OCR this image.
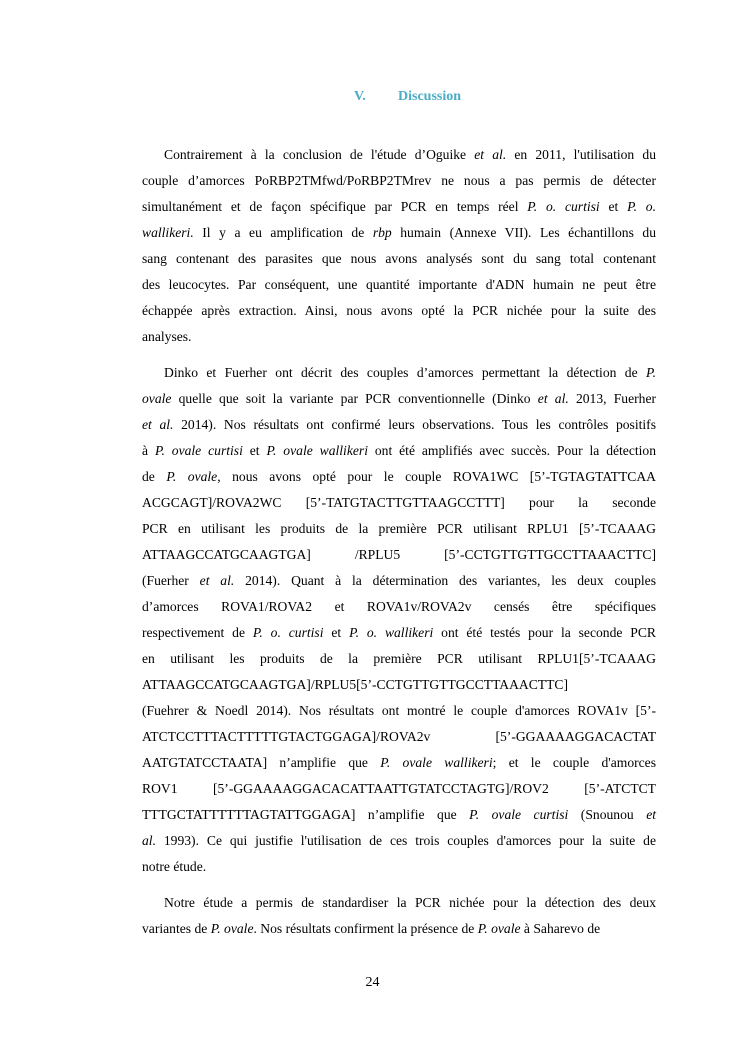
V. Discussion
Contrairement à la conclusion de l'étude d’Oguike et al. en 2011, l'utilisation du
couple d’amorces PoRBP2TMfwd/PoRBP2TMrev ne nous a pas permis de détecter
simultanément et de façon spécifique par PCR en temps réel P. o. curtisi et P. o.
wallikeri. Il y a eu amplification de rbp humain (Annexe VII). Les échantillons du
sang contenant des parasites que nous avons analysés sont du sang total contenant
des leucocytes. Par conséquent, une quantité importante d'ADN humain ne peut être
échappée après extraction. Ainsi, nous avons opté la PCR nichée pour la suite des
analyses.
Dinko et Fuerher ont décrit des couples d’amorces permettant la détection de P.
ovale quelle que soit la variante par PCR conventionnelle (Dinko et al. 2013, Fuerher
et al. 2014). Nos résultats ont confirmé leurs observations. Tous les contrôles positifs
à P. ovale curtisi et P. ovale wallikeri ont été amplifiés avec succès. Pour la détection
de P. ovale, nous avons opté pour le couple ROVA1WC [5’-TGTAGTATTCAA
ACGCAGT]/ROVA2WC [5’-TATGTACTTGTTAAGCCTTT] pour la seconde
PCR en utilisant les produits de la première PCR utilisant RPLU1 [5’-TCAAAG
ATTAAGCCATGCAAGTGA] /RPLU5 [5’-CCTGTTGTTGCCTTAAACTTC]
(Fuerher et al. 2014). Quant à la détermination des variantes, les deux couples
d’amorces ROVA1/ROVA2 et ROVA1v/ROVA2v censés être spécifiques
respectivement de P. o. curtisi et P. o. wallikeri ont été testés pour la seconde PCR
en utilisant les produits de la première PCR utilisant RPLU1[5’-TCAAAG
ATTAAGCCATGCAAGTGA]/RPLU5[5’-CCTGTTGTTGCCTTAAACTTC]
(Fuehrer & Noedl 2014). Nos résultats ont montré le couple d'amorces ROVA1v [5’-
ATCTCCTTTACTTTTTGTACTGGAGA]/ROVA2v [5’-GGAAAAGGACACTAT
AATGTATCCTAATA] n’amplifie que P. ovale wallikeri; et le couple d'amorces
ROV1 [5’-GGAAAAGGACACATTAATTGTATCCTAGTG]/ROV2 [5’-ATCTCT
TTTGCTATTTTTTAGTATTGGAGA] n’amplifie que P. ovale curtisi (Snounou et
al. 1993). Ce qui justifie l'utilisation de ces trois couples d'amorces pour la suite de
notre étude.
Notre étude a permis de standardiser la PCR nichée pour la détection des deux
variantes de P. ovale. Nos résultats confirment la présence de P. ovale à Saharevo de
24
